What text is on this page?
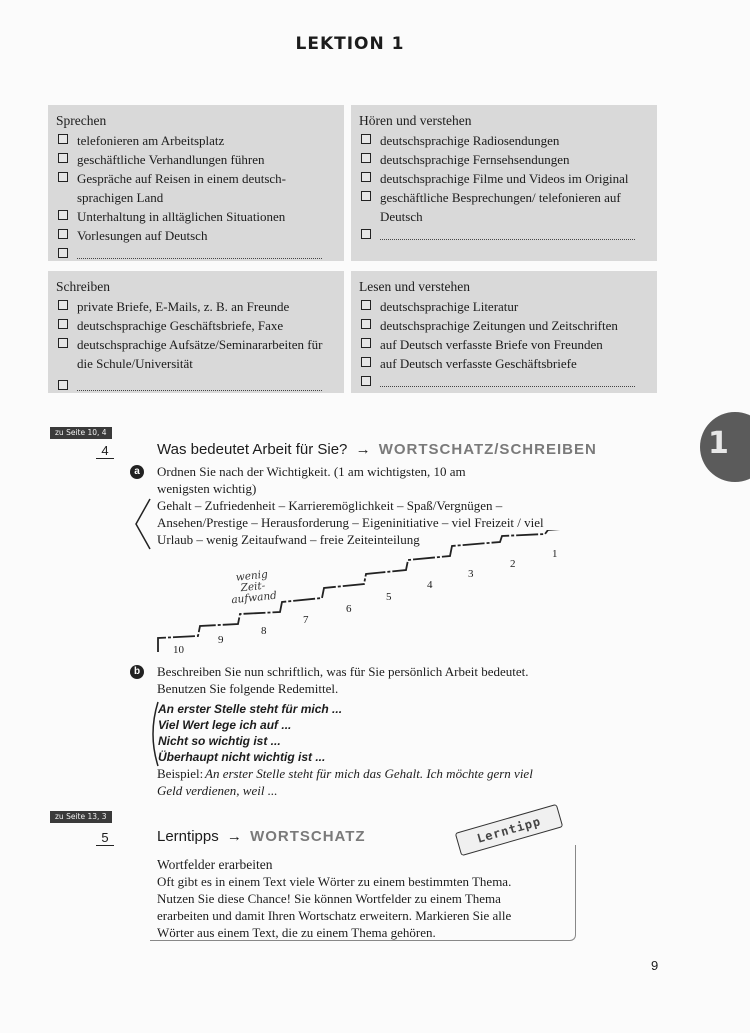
LEKTION 1
Sprechen
telefonieren am Arbeitsplatz
geschäftliche Verhandlungen führen
Gespräche auf Reisen in einem deutsch- sprachigen Land
Unterhaltung in alltäglichen Situationen
Vorlesungen auf Deutsch
Hören und verstehen
deutschsprachige Radiosendungen
deutschsprachige Fernsehsendungen
deutschsprachige Filme und Videos im Original
geschäftliche Besprechungen/ telefonieren auf Deutsch
Schreiben
private Briefe, E-Mails, z. B. an Freunde
deutschsprachige Geschäftsbriefe, Faxe
deutschsprachige Aufsätze/Seminararbeiten für die Schule/Universität
Lesen und verstehen
deutschsprachige Literatur
deutschsprachige Zeitungen und Zeitschriften
auf Deutsch verfasste Briefe von Freunden
auf Deutsch verfasste Geschäftsbriefe
1
zu Seite 10, 4
4	Was bedeutet Arbeit für Sie? → WORTSCHATZ/SCHREIBEN
a	Ordnen Sie nach der Wichtigkeit. (1 am wichtigsten, 10 am wenigsten wichtig)
Gehalt – Zufriedenheit – Karrieremöglichkeit – Spaß/Vergnügen – Ansehen/Prestige – Herausforderung – Eigeninitiative – viel Freizeit / viel Urlaub – wenig Zeitaufwand – freie Zeiteinteilung
1
2
3
4
5
6
7
8
9
10
wenig Zeit- aufwand
b	Beschreiben Sie nun schriftlich, was für Sie persönlich Arbeit bedeutet. Benutzen Sie folgende Redemittel.
An erster Stelle steht für mich ...
Viel Wert lege ich auf ...
Nicht so wichtig ist ...
Überhaupt nicht wichtig ist ...
Beispiel: An erster Stelle steht für mich das Gehalt. Ich möchte gern viel Geld verdienen, weil ...
zu Seite 13, 3
5	Lerntipps → WORTSCHATZ	Lerntipp
Wortfelder erarbeiten
Oft gibt es in einem Text viele Wörter zu einem bestimmten Thema. Nutzen Sie diese Chance! Sie können Wortfelder zu einem Thema erarbeiten und damit Ihren Wortschatz erweitern. Markieren Sie alle Wörter aus einem Text, die zu einem Thema gehören.
9
